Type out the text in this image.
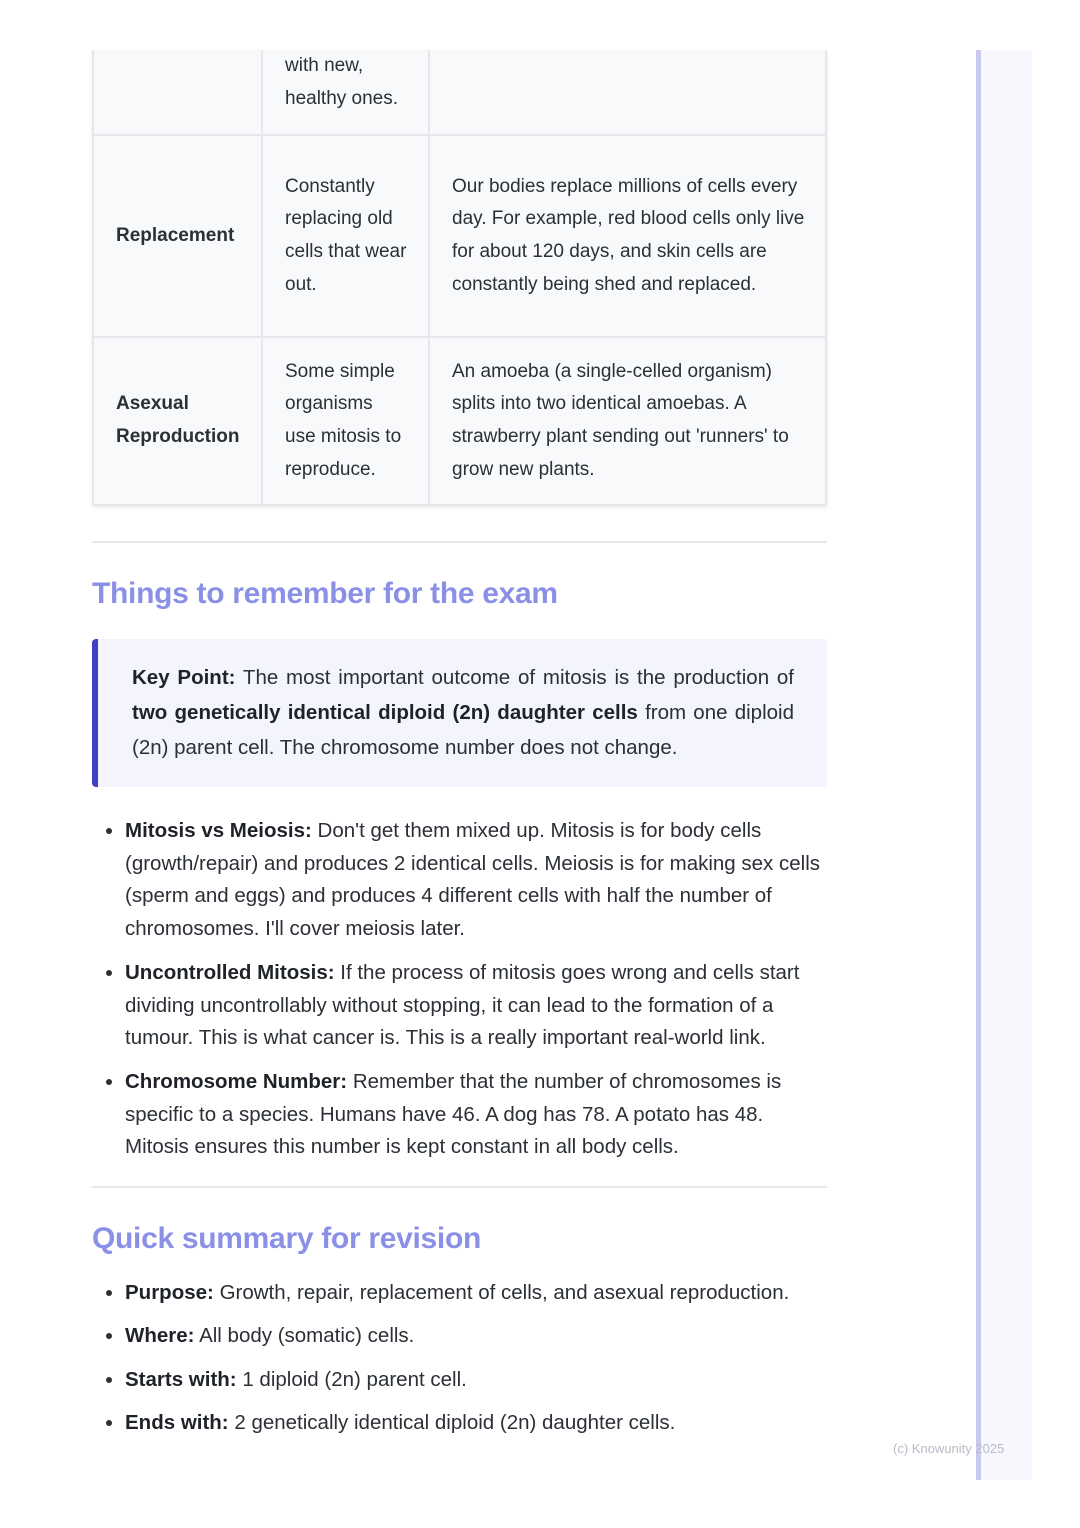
	with new, healthy ones.	
Replacement	Constantly replacing old cells that wear out.	Our bodies replace millions of cells every day. For example, red blood cells only live for about 120 days, and skin cells are constantly being shed and replaced.
Asexual Reproduction	Some simple organisms use mitosis to reproduce.	An amoeba (a single-celled organism) splits into two identical amoebas. A strawberry plant sending out 'runners' to grow new plants.
Things to remember for the exam
Key Point: The most important outcome of mitosis is the production of two genetically identical diploid (2n) daughter cells from one diploid (2n) parent cell. The chromosome number does not change.
• Mitosis vs Meiosis: Don't get them mixed up. Mitosis is for body cells (growth/repair) and produces 2 identical cells. Meiosis is for making sex cells (sperm and eggs) and produces 4 different cells with half the number of chromosomes. I'll cover meiosis later.
• Uncontrolled Mitosis: If the process of mitosis goes wrong and cells start dividing uncontrollably without stopping, it can lead to the formation of a tumour. This is what cancer is. This is a really important real-world link.
• Chromosome Number: Remember that the number of chromosomes is specific to a species. Humans have 46. A dog has 78. A potato has 48. Mitosis ensures this number is kept constant in all body cells.
Quick summary for revision
• Purpose: Growth, repair, replacement of cells, and asexual reproduction.
• Where: All body (somatic) cells.
• Starts with: 1 diploid (2n) parent cell.
• Ends with: 2 genetically identical diploid (2n) daughter cells.
(c) Knowunity 2025
